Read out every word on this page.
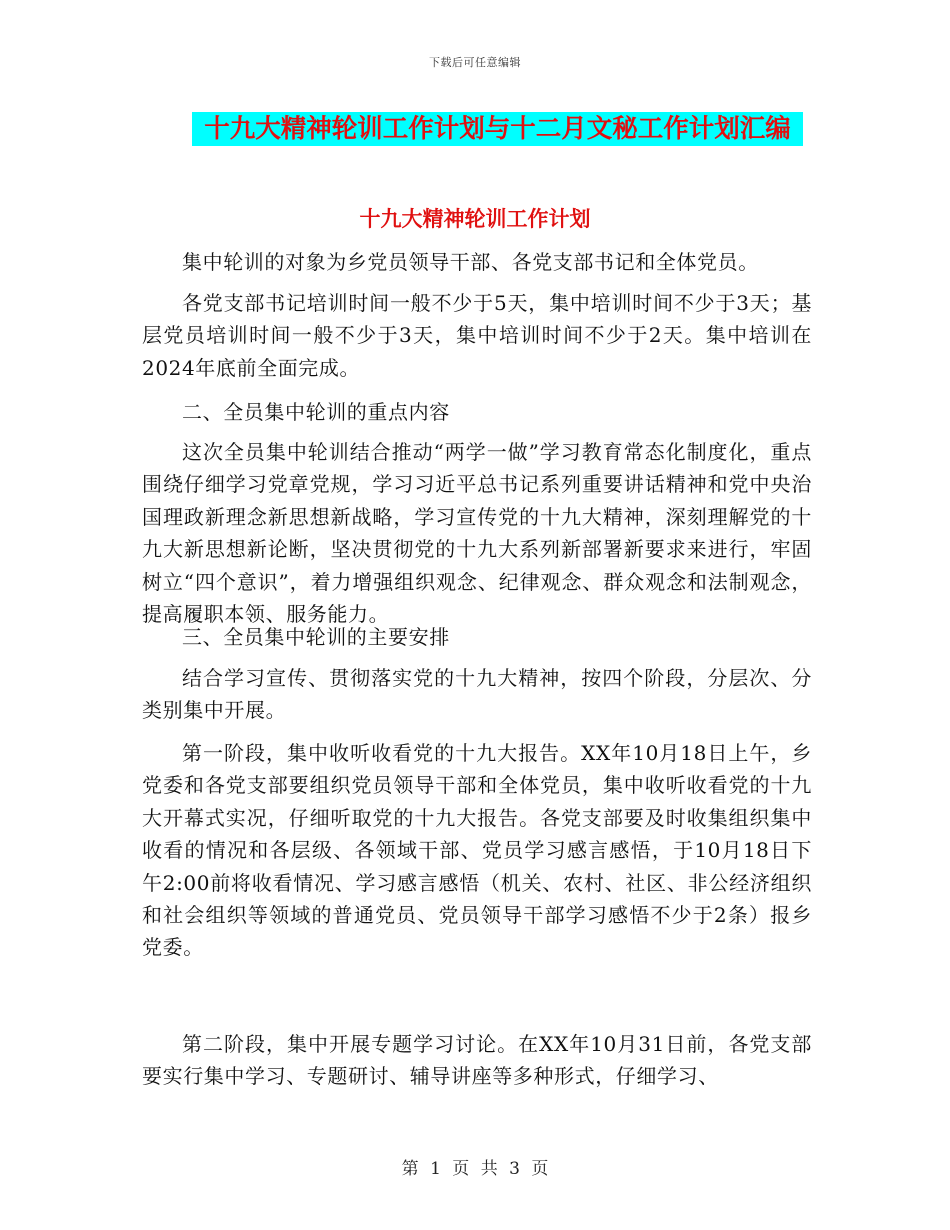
下载后可任意编辑
十九大精神轮训工作计划与十二月文秘工作计划汇编
十九大精神轮训工作计划

集中轮训的对象为乡党员领导干部、各党支部书记和全体党员。

各党支部书记培训时间一般不少于5天，集中培训时间不少于3天；基层党员培训时间一般不少于3天，集中培训时间不少于2天。集中培训在2024年底前全面完成。

二、全员集中轮训的重点内容

这次全员集中轮训结合推动“两学一做”学习教育常态化制度化，重点围绕仔细学习党章党规，学习习近平总书记系列重要讲话精神和党中央治国理政新理念新思想新战略，学习宣传党的十九大精神，深刻理解党的十九大新思想新论断，坚决贯彻党的十九大系列新部署新要求来进行，牢固树立“四个意识”，着力增强组织观念、纪律观念、群众观念和法制观念，提高履职本领、服务能力。

三、全员集中轮训的主要安排

结合学习宣传、贯彻落实党的十九大精神，按四个阶段，分层次、分类别集中开展。

第一阶段，集中收听收看党的十九大报告。XX年10月18日上午，乡党委和各党支部要组织党员领导干部和全体党员，集中收听收看党的十九大开幕式实况，仔细听取党的十九大报告。各党支部要及时收集组织集中收看的情况和各层级、各领域干部、党员学习感言感悟，于10月18日下午2:00前将收看情况、学习感言感悟（机关、农村、社区、非公经济组织和社会组织等领域的普通党员、党员领导干部学习感悟不少于2条）报乡党委。

第二阶段，集中开展专题学习讨论。在XX年10月31日前，各党支部要实行集中学习、专题研讨、辅导讲座等多种形式，仔细学习、

第 1 页 共 3 页
